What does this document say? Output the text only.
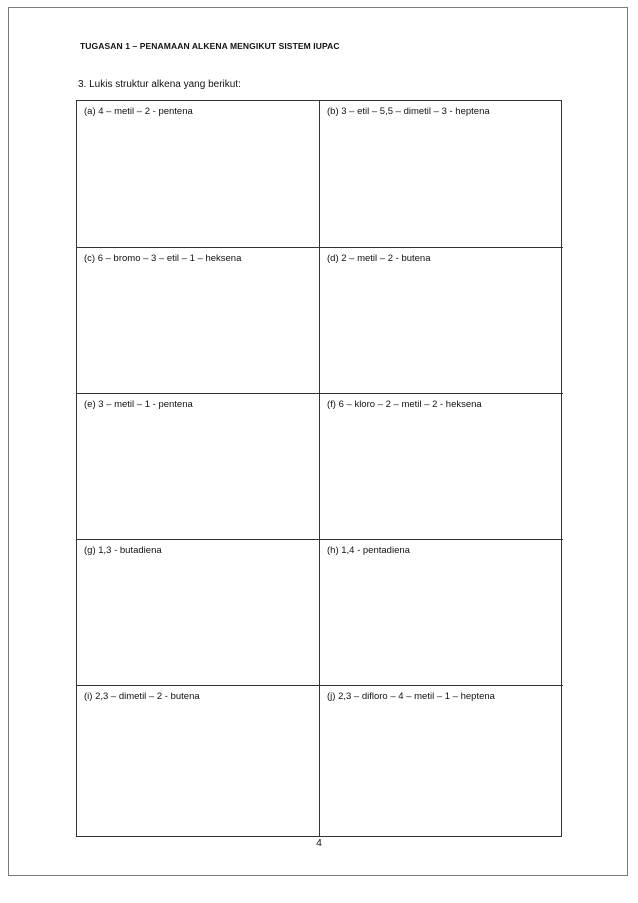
TUGASAN 1 – PENAMAAN ALKENA MENGIKUT SISTEM IUPAC
3. Lukis struktur alkena yang berikut:
(a) 4 – metil – 2 - pentena	(b) 3 – etil – 5,5 – dimetil – 3 - heptena
(c) 6 – bromo – 3 – etil – 1 – heksena	(d) 2 – metil – 2 - butena
(e) 3 – metil – 1 - pentena	(f) 6 – kloro – 2 – metil – 2 - heksena
(g) 1,3 - butadiena	(h) 1,4 - pentadiena
(i) 2,3 – dimetil – 2 - butena	(j) 2,3 – difloro – 4 – metil – 1 – heptena
4
